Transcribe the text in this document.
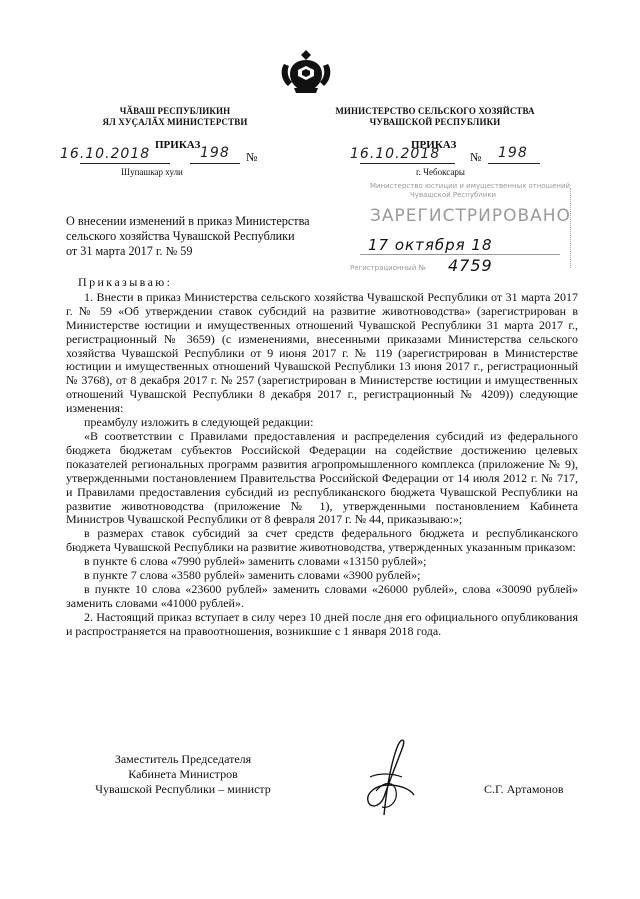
ЧӐВАШ РЕСПУБЛИКИН
ЯЛ ХУÇАЛӐХ МИНИСТЕРСТВИ
МИНИСТЕРСТВО СЕЛЬСКОГО ХОЗЯЙСТВА
ЧУВАШСКОЙ РЕСПУБЛИКИ
ПРИКАЗ	ПРИКАЗ
16.10.2018	198 №
Шупашкар хули
16.10.2018 № 198
г. Чебоксары
Министерство юстиции и имущественных отношений
Чувашской Республики
ЗАРЕГИСТРИРОВАНО
17 октября 18
Регистрационный № 4759
О внесении изменений в приказ Министерства
сельского хозяйства Чувашской Республики
от 31 марта 2017 г. № 59

Приказываю:

1. Внести в приказ Министерства сельского хозяйства Чувашской Республики от 31 марта 2017 г. № 59 «Об утверждении ставок субсидий на развитие животноводства» (зарегистрирован в Министерстве юстиции и имущественных отношений Чувашской Республики 31 марта 2017 г., регистрационный № 3659) (с изменениями, внесенными приказами Министерства сельского хозяйства Чувашской Республики от 9 июня 2017 г. № 119 (зарегистрирован в Министерстве юстиции и имущественных отношений Чувашской Республики 13 июня 2017 г., регистрационный № 3768), от 8 декабря 2017 г. № 257 (зарегистрирован в Министерстве юстиции и имущественных отношений Чувашской Республики 8 декабря 2017 г., регистрационный № 4209)) следующие изменения:

преамбулу изложить в следующей редакции:

«В соответствии с Правилами предоставления и распределения субсидий из федерального бюджета бюджетам субъектов Российской Федерации на содействие достижению целевых показателей региональных программ развития агропромышленного комплекса (приложение № 9), утвержденными постановлением Правительства Российской Федерации от 14 июля 2012 г. № 717, и Правилами предоставления субсидий из республиканского бюджета Чувашской Республики на развитие животноводства (приложение № 1), утвержденными постановлением Кабинета Министров Чувашской Республики от 8 февраля 2017 г. № 44, приказываю:»;

в размерах ставок субсидий за счет средств федерального бюджета и республиканского бюджета Чувашской Республики на развитие животноводства, утвержденных указанным приказом:

в пункте 6 слова «7990 рублей» заменить словами «13150 рублей»;

в пункте 7 слова «3580 рублей» заменить словами «3900 рублей»;

в пункте 10 слова «23600 рублей» заменить словами «26000 рублей», слова «30090 рублей» заменить словами «41000 рублей».

2. Настоящий приказ вступает в силу через 10 дней после дня его официального опубликования и распространяется на правоотношения, возникшие с 1 января 2018 года.

Заместитель Председателя
Кабинета Министров
Чувашской Республики – министр	С.Г. Артамонов
